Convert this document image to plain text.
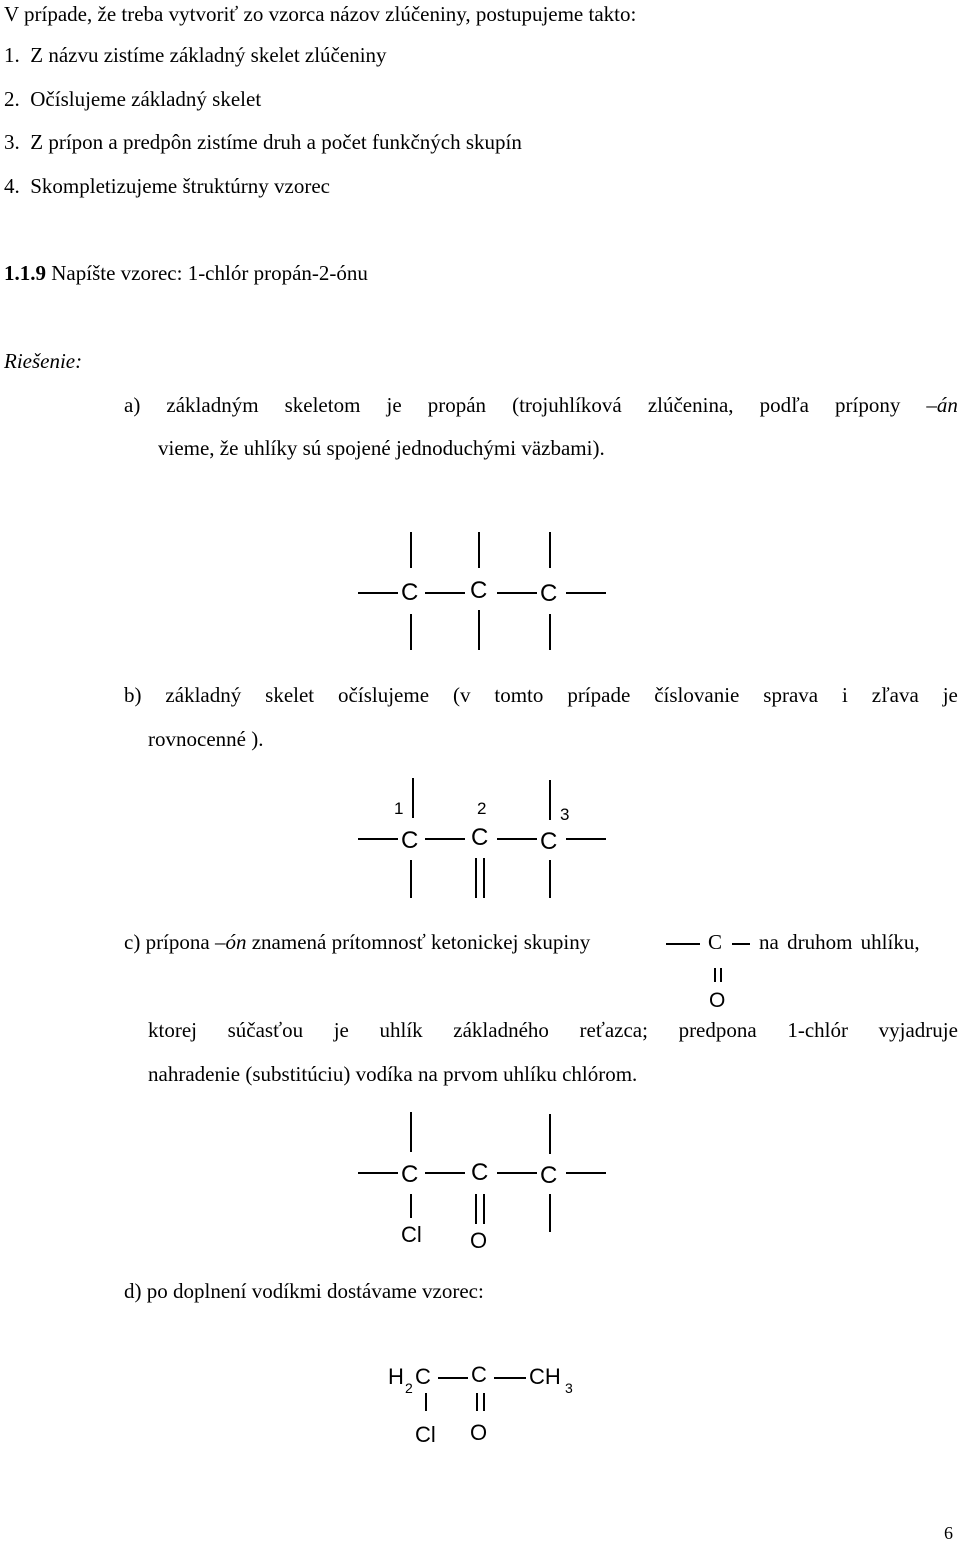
V prípade, že treba vytvoriť zo vzorca názov zlúčeniny, postupujeme takto:
1.  Z názvu zistíme základný skelet zlúčeniny
2.  Očíslujeme základný skelet
3.  Z prípon a predpôn zistíme druh a počet funkčných skupín
4.  Skompletizujeme štruktúrny vzorec
1.1.9 Napíšte vzorec: 1-chlór propán-2-ónu
Riešenie:
a) základným skeletom je propán (trojuhlíková zlúčenina, podľa prípony –án
vieme, že uhlíky sú spojené jednoduchými väzbami).
C C C
b) základný skelet očíslujeme (v tomto prípade číslovanie sprava i zľava je
rovnocenné ).
1	2	3
C C C
c) prípona –ón znamená prítomnosť ketonickej skupiny	C na druhom uhlíku,
O
ktorej súčasťou je uhlík základného reťazca; predpona 1-chlór vyjadruje
nahradenie (substitúciu) vodíka na prvom uhlíku chlórom.
C C C
Cl O
d) po doplnení vodíkmi dostávame vzorec:
H 2 C C CH 3
Cl O
6
